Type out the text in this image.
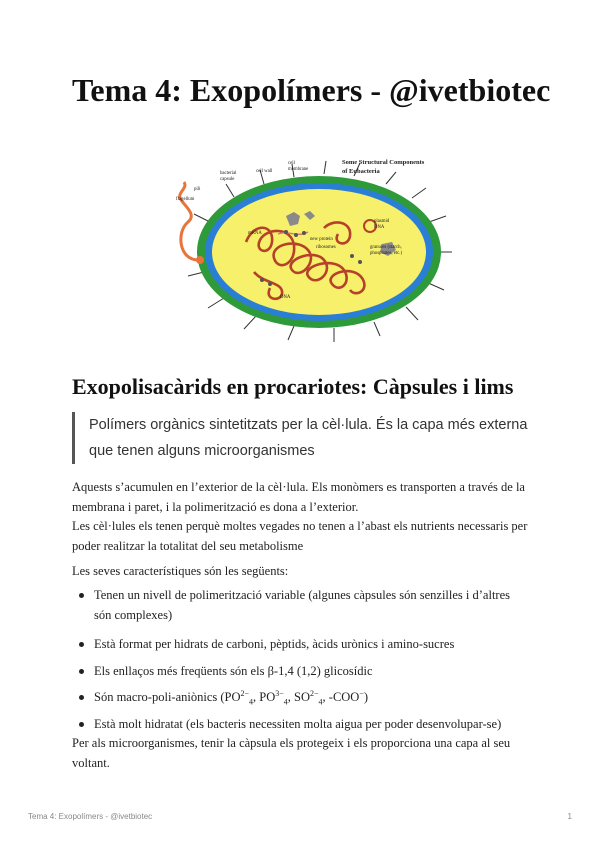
Tema 4: Exopolímers - @ivetbiotec
Some Structural Components
of Eubacteria
flagellum
pili
bacterial
capsule
cell wall
cell
membrane
plasmid
DNA
mRNA
new protein
ribosomes	granules (starch,
phosphates, etc.)
DNA
Exopolisacàrids en procariotes: Càpsules i lims
Polímers orgànics sintetitzats per la cèl·lula. És la capa més externa que tenen alguns microorganismes

Aquests s’acumulen en l’exterior de la cèl·lula. Els monòmers es transporten a través de la membrana i paret, i la polimerització es dona a l’exterior.

Les cèl·lules els tenen perquè moltes vegades no tenen a l’abast els nutrients necessaris per poder realitzar la totalitat del seu metabolisme

Les seves característiques són les següents:

Tenen un nivell de polimerització variable (algunes càpsules són senzilles i d’altres són complexes)
Està format per hidrats de carboni, pèptids, àcids urònics i amino-sucres
Els enllaços més freqüents són els β-1,4 (1,2) glicosídic
Són macro-poli-aniònics ($PO^{2-}_4$, $PO^{3-}_4$, $SO^{2-}_4$, -COO−)
Està molt hidratat (els bacteris necessiten molta aigua per poder desenvolupar-se)

Per als microorganismes, tenir la càpsula els protegeix i els proporciona una capa al seu voltant.

Tema 4: Exopolímers - @ivetbiotec	1
